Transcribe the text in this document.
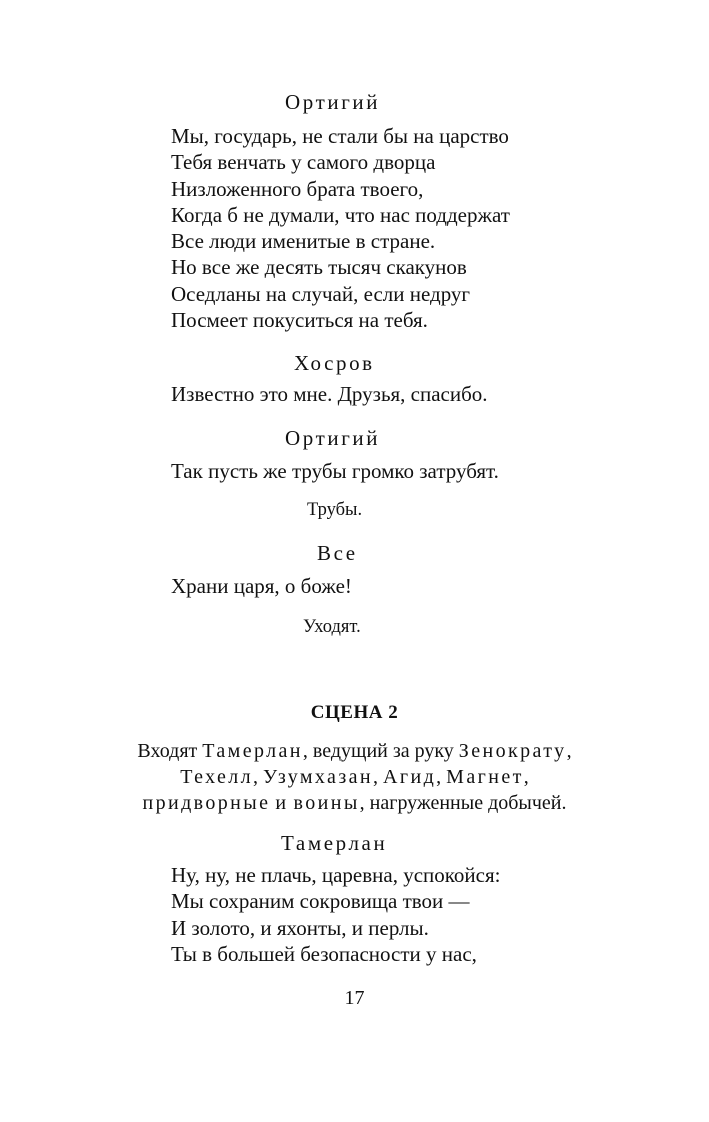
Ортигий
Мы, государь, не стали бы на царство
Тебя венчать у самого дворца
Низложенного брата твоего,
Когда б не думали, что нас поддержат
Все люди именитые в стране.
Но все же десять тысяч скакунов
Оседланы на случай, если недруг
Посмеет покуситься на тебя.
Хосров
Известно это мне. Друзья, спасибо.
Ортигий
Так пусть же трубы громко затрубят.
Трубы.
Все
Храни царя, о боже!
Уходят.
СЦЕНА 2
Входят Тамерлан, ведущий за руку Зенократу,
Техелл, Узумхазан, Агид, Магнет,
придворные и воины, нагруженные добычей.
Тамерлан
Ну, ну, не плачь, царевна, успокойся:
Мы сохраним сокровища твои —
И золото, и яхонты, и перлы.
Ты в большей безопасности у нас,
17
